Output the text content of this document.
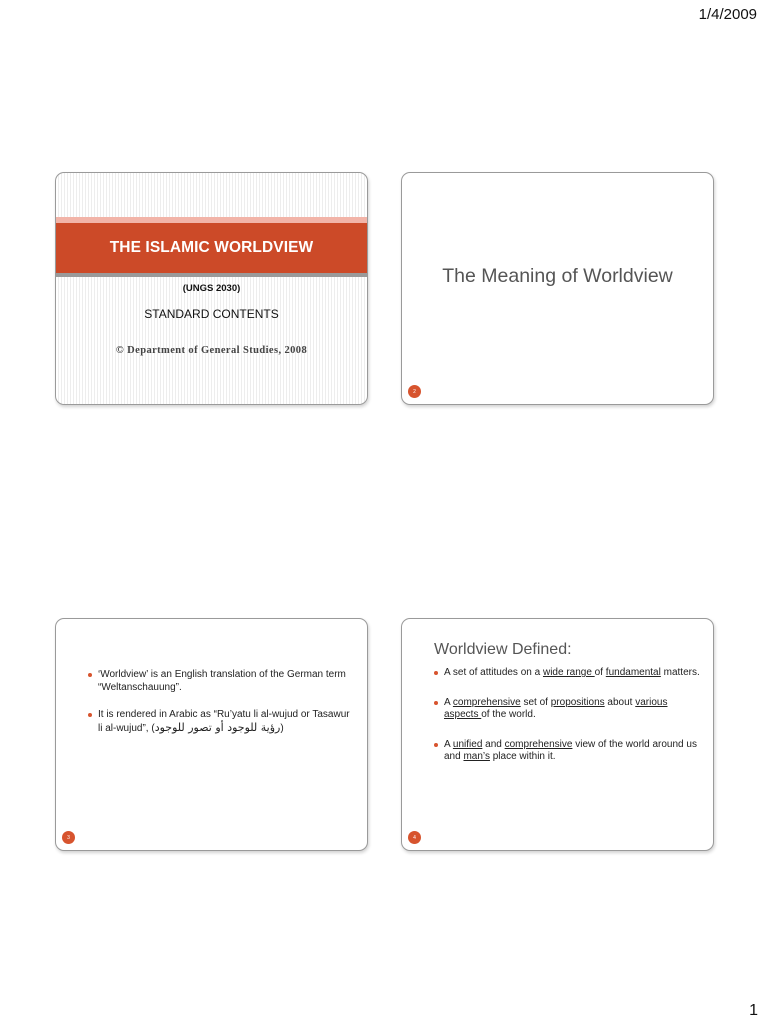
1/4/2009
THE ISLAMIC WORLDVIEW
(UNGS 2030)
STANDARD CONTENTS
© Department of General Studies, 2008
The Meaning of Worldview
2
‘Worldview’ is an English translation of the German term “Weltanschauung”.
It is rendered in Arabic as “Ru’yatu li al-wujud or Tasawur li al-wujud”, (رؤية للوجود أو تصور للوجود)
3
Worldview Defined:
A set of attitudes on a wide range of fundamental matters.
A comprehensive set of propositions about various aspects of the world.
A unified and comprehensive view of the world around us and man’s place within it.
4
1
